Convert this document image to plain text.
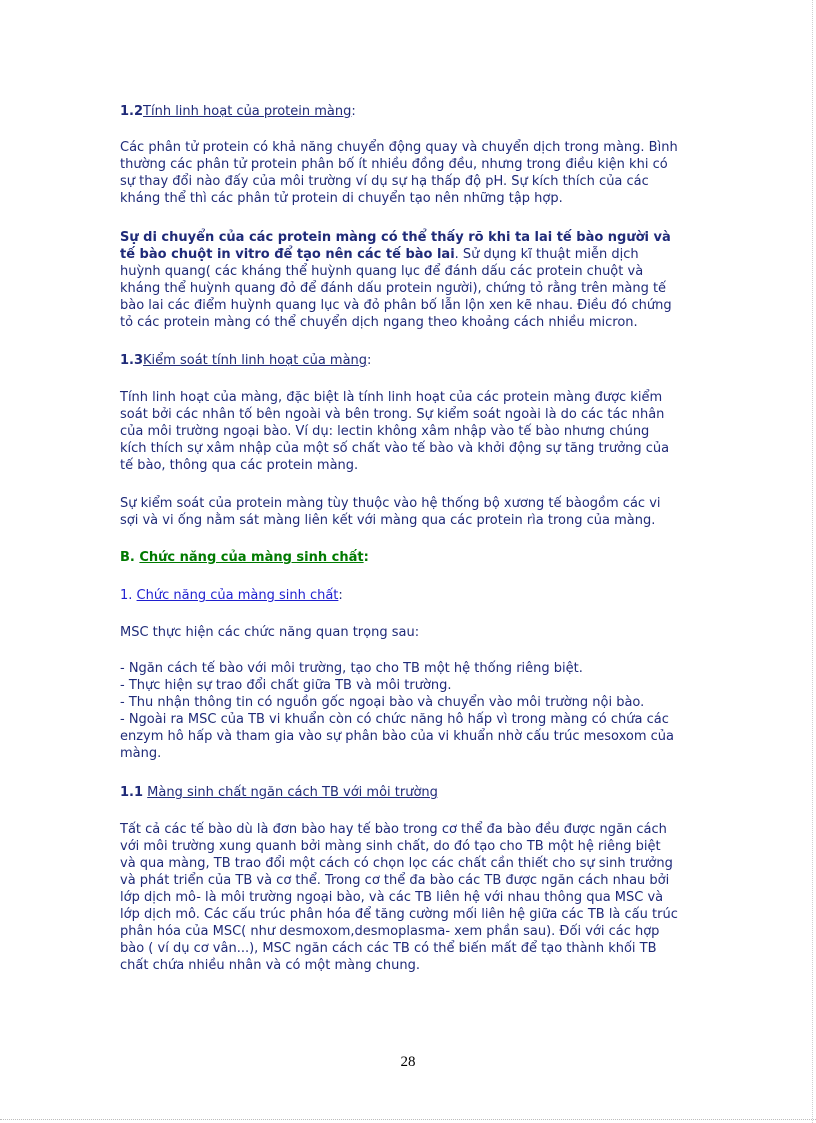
1.2Tính linh hoạt của protein màng:
Các phân tử protein có khả năng chuyển động quay và chuyển dịch trong màng. Bình
thường các phân tử protein phân bố ít nhiều đồng đều, nhưng trong điều kiện khi có
sự thay đổi nào đấy của môi trường ví dụ sự hạ thấp độ pH. Sự kích thích của các
kháng thể thì các phân tử protein di chuyển tạo nên những tập hợp.
Sự di chuyển của các protein màng có thể thấy rõ khi ta lai tế bào người và
tế bào chuột in vitro để tạo nên các tế bào lai. Sử dụng kĩ thuật miễn dịch
huỳnh quang( các kháng thể huỳnh quang lục để đánh dấu các protein chuột và
kháng thể huỳnh quang đỏ để đánh dấu protein người), chứng tỏ rằng trên màng tế
bào lai các điểm huỳnh quang lục và đỏ phân bố lẫn lộn xen kẽ nhau. Điều đó chứng
tỏ các protein màng có thể chuyển dịch ngang theo khoảng cách nhiều micron.
1.3Kiểm soát tính linh hoạt của màng:
Tính linh hoạt của màng, đặc biệt là tính linh hoạt của các protein màng được kiểm
soát bởi các nhân tố bên ngoài và bên trong. Sự kiểm soát ngoài là do các tác nhân
của môi trường ngoại bào. Ví dụ: lectin không xâm nhập vào tế bào nhưng chúng
kích thích sự xâm nhập của một số chất vào tế bào và khởi động sự tăng trưởng của
tế bào, thông qua các protein màng.
Sự kiểm soát của protein màng tùy thuộc vào hệ thống bộ xương tế bàogồm các vi
sợi và vi ống nằm sát màng liên kết với màng qua các protein rìa trong của màng.
B. Chức năng của màng sinh chất:
1. Chức năng của màng sinh chất:
MSC thực hiện các chức năng quan trọng sau:
- Ngăn cách tế bào với môi trường, tạo cho TB một hệ thống riêng biệt.
- Thực hiện sự trao đổi chất giữa TB và môi trường.
- Thu nhận thông tin có nguồn gốc ngoại bào và chuyển vào môi trường nội bào.
- Ngoài ra MSC của TB vi khuẩn còn có chức năng hô hấp vì trong màng có chứa các
enzym hô hấp và tham gia vào sự phân bào của vi khuẩn nhờ cấu trúc mesoxom của
màng.
1.1 Màng sinh chất ngăn cách TB với môi trường
Tất cả các tế bào dù là đơn bào hay tế bào trong cơ thể đa bào đều được ngăn cách
với môi trường xung quanh bởi màng sinh chất, do đó tạo cho TB một hệ riêng biệt
và qua màng, TB trao đổi một cách có chọn lọc các chất cần thiết cho sự sinh trưởng
và phát triển của TB và cơ thể. Trong cơ thể đa bào các TB được ngăn cách nhau bởi
lớp dịch mô- là môi trường ngoại bào, và các TB liên hệ với nhau thông qua MSC và
lớp dịch mô. Các cấu trúc phân hóa để tăng cường mối liên hệ giữa các TB là cấu trúc
phân hóa của MSC( như desmoxom,desmoplasma- xem phần sau). Đối với các hợp
bào ( ví dụ cơ vân...), MSC ngăn cách các TB có thể biến mất để tạo thành khối TB
chất chứa nhiều nhân và có một màng chung.
28
